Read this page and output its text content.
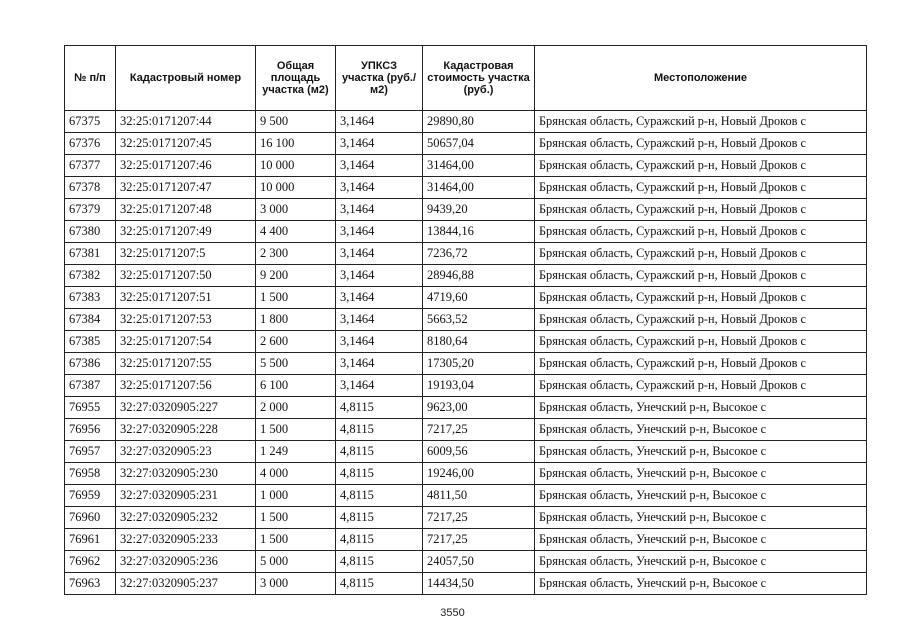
№ п/п	Кадастровый номер	Общая площадь участка (м2)	УПКСЗ участка (руб./м2)	Кадастровая стоимость участка (руб.)	Местоположение
67375	32:25:0171207:44	9 500	3,1464	29890,80	Брянская область, Суражский р-н, Новый Дроков с
67376	32:25:0171207:45	16 100	3,1464	50657,04	Брянская область, Суражский р-н, Новый Дроков с
67377	32:25:0171207:46	10 000	3,1464	31464,00	Брянская область, Суражский р-н, Новый Дроков с
67378	32:25:0171207:47	10 000	3,1464	31464,00	Брянская область, Суражский р-н, Новый Дроков с
67379	32:25:0171207:48	3 000	3,1464	9439,20	Брянская область, Суражский р-н, Новый Дроков с
67380	32:25:0171207:49	4 400	3,1464	13844,16	Брянская область, Суражский р-н, Новый Дроков с
67381	32:25:0171207:5	2 300	3,1464	7236,72	Брянская область, Суражский р-н, Новый Дроков с
67382	32:25:0171207:50	9 200	3,1464	28946,88	Брянская область, Суражский р-н, Новый Дроков с
67383	32:25:0171207:51	1 500	3,1464	4719,60	Брянская область, Суражский р-н, Новый Дроков с
67384	32:25:0171207:53	1 800	3,1464	5663,52	Брянская область, Суражский р-н, Новый Дроков с
67385	32:25:0171207:54	2 600	3,1464	8180,64	Брянская область, Суражский р-н, Новый Дроков с
67386	32:25:0171207:55	5 500	3,1464	17305,20	Брянская область, Суражский р-н, Новый Дроков с
67387	32:25:0171207:56	6 100	3,1464	19193,04	Брянская область, Суражский р-н, Новый Дроков с
76955	32:27:0320905:227	2 000	4,8115	9623,00	Брянская область, Унечский р-н, Высокое с
76956	32:27:0320905:228	1 500	4,8115	7217,25	Брянская область, Унечский р-н, Высокое с
76957	32:27:0320905:23	1 249	4,8115	6009,56	Брянская область, Унечский р-н, Высокое с
76958	32:27:0320905:230	4 000	4,8115	19246,00	Брянская область, Унечский р-н, Высокое с
76959	32:27:0320905:231	1 000	4,8115	4811,50	Брянская область, Унечский р-н, Высокое с
76960	32:27:0320905:232	1 500	4,8115	7217,25	Брянская область, Унечский р-н, Высокое с
76961	32:27:0320905:233	1 500	4,8115	7217,25	Брянская область, Унечский р-н, Высокое с
76962	32:27:0320905:236	5 000	4,8115	24057,50	Брянская область, Унечский р-н, Высокое с
76963	32:27:0320905:237	3 000	4,8115	14434,50	Брянская область, Унечский р-н, Высокое с
3550
